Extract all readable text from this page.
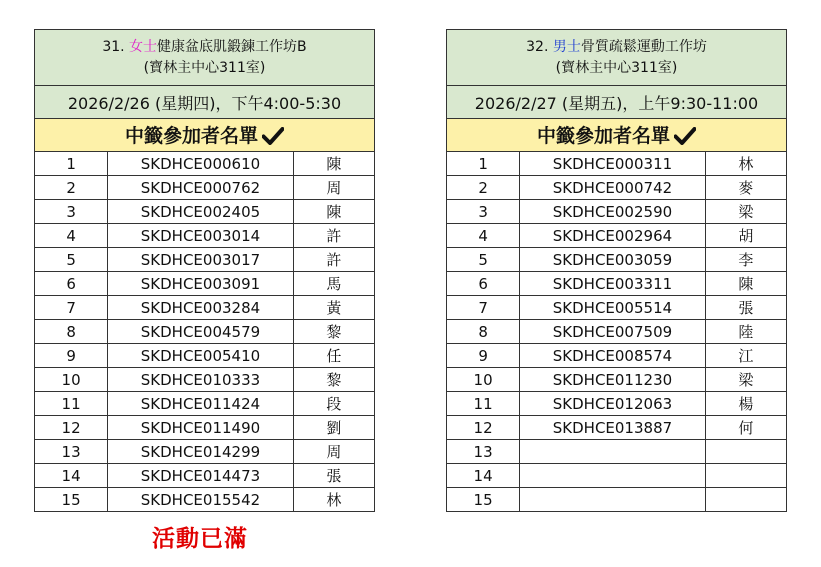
31. 女士健康盆底肌鍛鍊工作坊B
(寶林主中心311室)		
2026/2/26 (星期四)，下午4:00-5:30		
中籤參加者名單		
1	SKDHCE000610	陳
2	SKDHCE000762	周
3	SKDHCE002405	陳
4	SKDHCE003014	許
5	SKDHCE003017	許
6	SKDHCE003091	馬
7	SKDHCE003284	黃
8	SKDHCE004579	黎
9	SKDHCE005410	任
10	SKDHCE010333	黎
11	SKDHCE011424	段
12	SKDHCE011490	劉
13	SKDHCE014299	周
14	SKDHCE014473	張
15	SKDHCE015542	林
32. 男士骨質疏鬆運動工作坊
(寶林主中心311室)		
2026/2/27 (星期五)，上午9:30-11:00		
中籤參加者名單		
1	SKDHCE000311	林
2	SKDHCE000742	麥
3	SKDHCE002590	梁
4	SKDHCE002964	胡
5	SKDHCE003059	李
6	SKDHCE003311	陳
7	SKDHCE005514	張
8	SKDHCE007509	陸
9	SKDHCE008574	江
10	SKDHCE011230	梁
11	SKDHCE012063	楊
12	SKDHCE013887	何
13		
14		
15		
活動已滿
